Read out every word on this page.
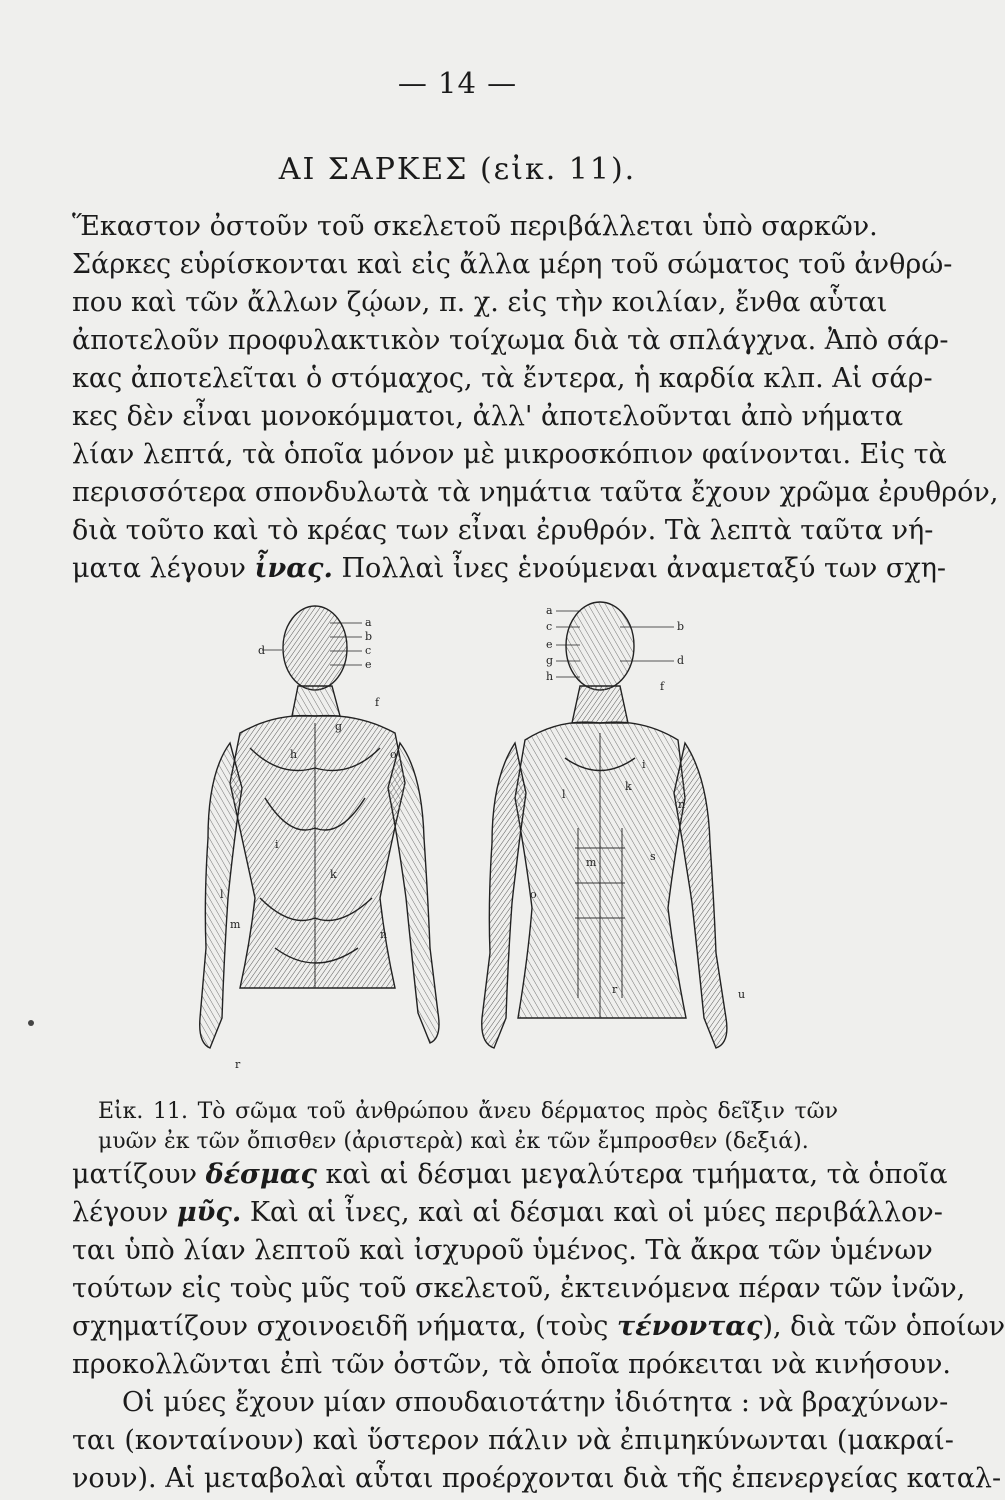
— 14 —
ΑΙ ΣΑΡΚΕΣ (εἰκ. 11).
Ἕκαστον ὀστοῦν τοῦ σκελετοῦ περιβάλλεται ὑπὸ σαρκῶν.
Σάρκες εὑρίσκονται καὶ εἰς ἄλλα μέρη τοῦ σώματος τοῦ ἀνθρώ-
που καὶ τῶν ἄλλων ζῴων, π. χ. εἰς τὴν κοιλίαν, ἔνθα αὗται
ἀποτελοῦν προφυλακτικὸν τοίχωμα διὰ τὰ σπλάγχνα. Ἀπὸ σάρ-
κας ἀποτελεῖται ὁ στόμαχος, τὰ ἔντερα, ἡ καρδία κλπ. Αἱ σάρ-
κες δὲν εἶναι μονοκόμματοι, ἀλλ' ἀποτελοῦνται ἀπὸ νήματα
λίαν λεπτά, τὰ ὁποῖα μόνον μὲ μικροσκόπιον φαίνονται. Εἰς τὰ
περισσότερα σπονδυλωτὰ τὰ νημάτια ταῦτα ἔχουν χρῶμα ἐρυθρόν,
διὰ τοῦτο καὶ τὸ κρέας των εἶναι ἐρυθρόν. Τὰ λεπτὰ ταῦτα νή-
ματα λέγουν ἶνας. Πολλαὶ ἶνες ἑνούμεναι ἀναμεταξύ των σχη-
a
b
c
d
e
f
g
h
i
k
l
m
n
o
r
a
b
c
d
e
f
g
h
i
k
l
m
n
o
r
s
u
Εἰκ. 11. Τὸ σῶμα τοῦ ἀνθρώπου ἄνευ δέρματος πρὸς δεῖξιν τῶν
μυῶν ἐκ τῶν ὄπισθεν (ἀριστερὰ) καὶ ἐκ τῶν ἔμπροσθεν (δεξιά).
ματίζουν δέσμας καὶ αἱ δέσμαι μεγαλύτερα τμήματα, τὰ ὁποῖα
λέγουν μῦς. Καὶ αἱ ἶνες, καὶ αἱ δέσμαι καὶ οἱ μύες περιβάλλον-
ται ὑπὸ λίαν λεπτοῦ καὶ ἰσχυροῦ ὑμένος. Τὰ ἄκρα τῶν ὑμένων
τούτων εἰς τοὺς μῦς τοῦ σκελετοῦ, ἐκτεινόμενα πέραν τῶν ἰνῶν,
σχηματίζουν σχοινοειδῆ νήματα, (τοὺς τένοντας), διὰ τῶν ὁποίων
προκολλῶνται ἐπὶ τῶν ὀστῶν, τὰ ὁποῖα πρόκειται νὰ κινήσουν.
Οἱ μύες ἔχουν μίαν σπουδαιοτάτην ἰδιότητα : νὰ βραχύνων-
ται (κονταίνουν) καὶ ὕστερον πάλιν νὰ ἐπιμηκύνωνται (μακραί-
νουν). Αἱ μεταβολαὶ αὗται προέρχονται διὰ τῆς ἐπενεργείας καταλ-
